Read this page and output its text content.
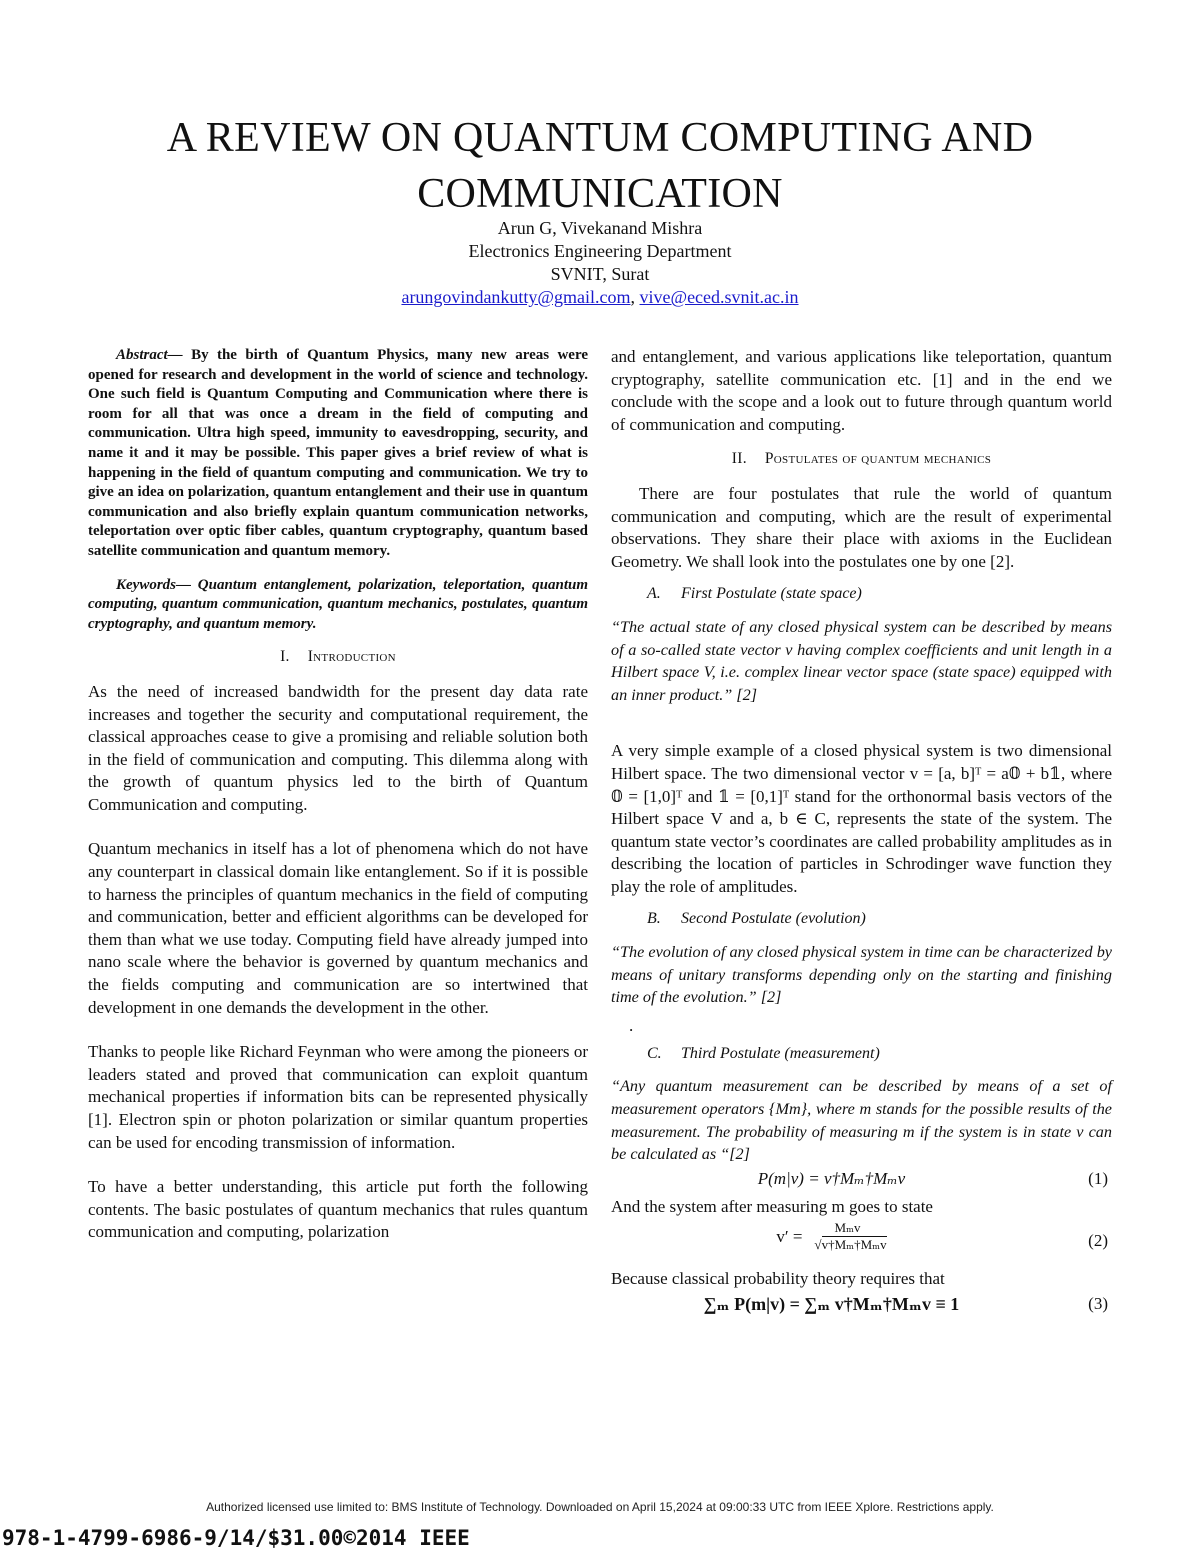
A REVIEW ON QUANTUM COMPUTING AND COMMUNICATION
Arun G, Vivekanand Mishra
Electronics Engineering Department
SVNIT, Surat
arungovindankutty@gmail.com, vive@eced.svnit.ac.in

Abstract— By the birth of Quantum Physics, many new areas were opened for research and development in the world of science and technology. One such field is Quantum Computing and Communication where there is room for all that was once a dream in the field of computing and communication. Ultra high speed, immunity to eavesdropping, security, and name it and it may be possible. This paper gives a brief review of what is happening in the field of quantum computing and communication. We try to give an idea on polarization, quantum entanglement and their use in quantum communication and also briefly explain quantum communication networks, teleportation over optic fiber cables, quantum cryptography, quantum based satellite communication and quantum memory.

Keywords— Quantum entanglement, polarization, teleportation, quantum computing, quantum communication, quantum mechanics, postulates, quantum cryptography, and quantum memory.

I. Introduction

As the need of increased bandwidth for the present day data rate increases and together the security and computational requirement, the classical approaches cease to give a promising and reliable solution both in the field of communication and computing. This dilemma along with the growth of quantum physics led to the birth of Quantum Communication and computing.

Quantum mechanics in itself has a lot of phenomena which do not have any counterpart in classical domain like entanglement. So if it is possible to harness the principles of quantum mechanics in the field of computing and communication, better and efficient algorithms can be developed for them than what we use today. Computing field have already jumped into nano scale where the behavior is governed by quantum mechanics and the fields computing and communication are so intertwined that development in one demands the development in the other.

Thanks to people like Richard Feynman who were among the pioneers or leaders stated and proved that communication can exploit quantum mechanical properties if information bits can be represented physically [1]. Electron spin or photon polarization or similar quantum properties can be used for encoding transmission of information.

To have a better understanding, this article put forth the following contents. The basic postulates of quantum mechanics that rules quantum communication and computing, polarization

and entanglement, and various applications like teleportation, quantum cryptography, satellite communication etc. [1] and in the end we conclude with the scope and a look out to future through quantum world of communication and computing.

II. Postulates of quantum mechanics

There are four postulates that rule the world of quantum communication and computing, which are the result of experimental observations. They share their place with axioms in the Euclidean Geometry. We shall look into the postulates one by one [2].

A. First Postulate (state space)

“The actual state of any closed physical system can be described by means of a so-called state vector v having complex coefficients and unit length in a Hilbert space V, i.e. complex linear vector space (state space) equipped with an inner product.” [2]

A very simple example of a closed physical system is two dimensional Hilbert space. The two dimensional vector v = [a, b]ᵀ = a𝟘 + b𝟙, where 𝟘 = [1,0]ᵀ and 𝟙 = [0,1]ᵀ stand for the orthonormal basis vectors of the Hilbert space V and a, b ∈ C, represents the state of the system. The quantum state vector’s coordinates are called probability amplitudes as in describing the location of particles in Schrodinger wave function they play the role of amplitudes.

B. Second Postulate (evolution)

“The evolution of any closed physical system in time can be characterized by means of unitary transforms depending only on the starting and finishing time of the evolution.” [2]

.

C. Third Postulate (measurement)

“Any quantum measurement can be described by means of a set of measurement operators {Mm}, where m stands for the possible results of the measurement. The probability of measuring m if the system is in state v can be calculated as “[2]

P(m|v) = v†Mₘ†Mₘv	(1)

And the system after measuring m goes to state

$v' = \frac{\text{Mₘv}}{\text{√v†Mₘ†Mₘv}}$	(2)

Because classical probability theory requires that

∑ₘ P(m|v) = ∑ₘ v†Mₘ†Mₘv ≡ 1	(3)
Authorized licensed use limited to: BMS Institute of Technology. Downloaded on April 15,2024 at 09:00:33 UTC from IEEE Xplore. Restrictions apply.
978-1-4799-6986-9/14/$31.00©2014 IEEE
